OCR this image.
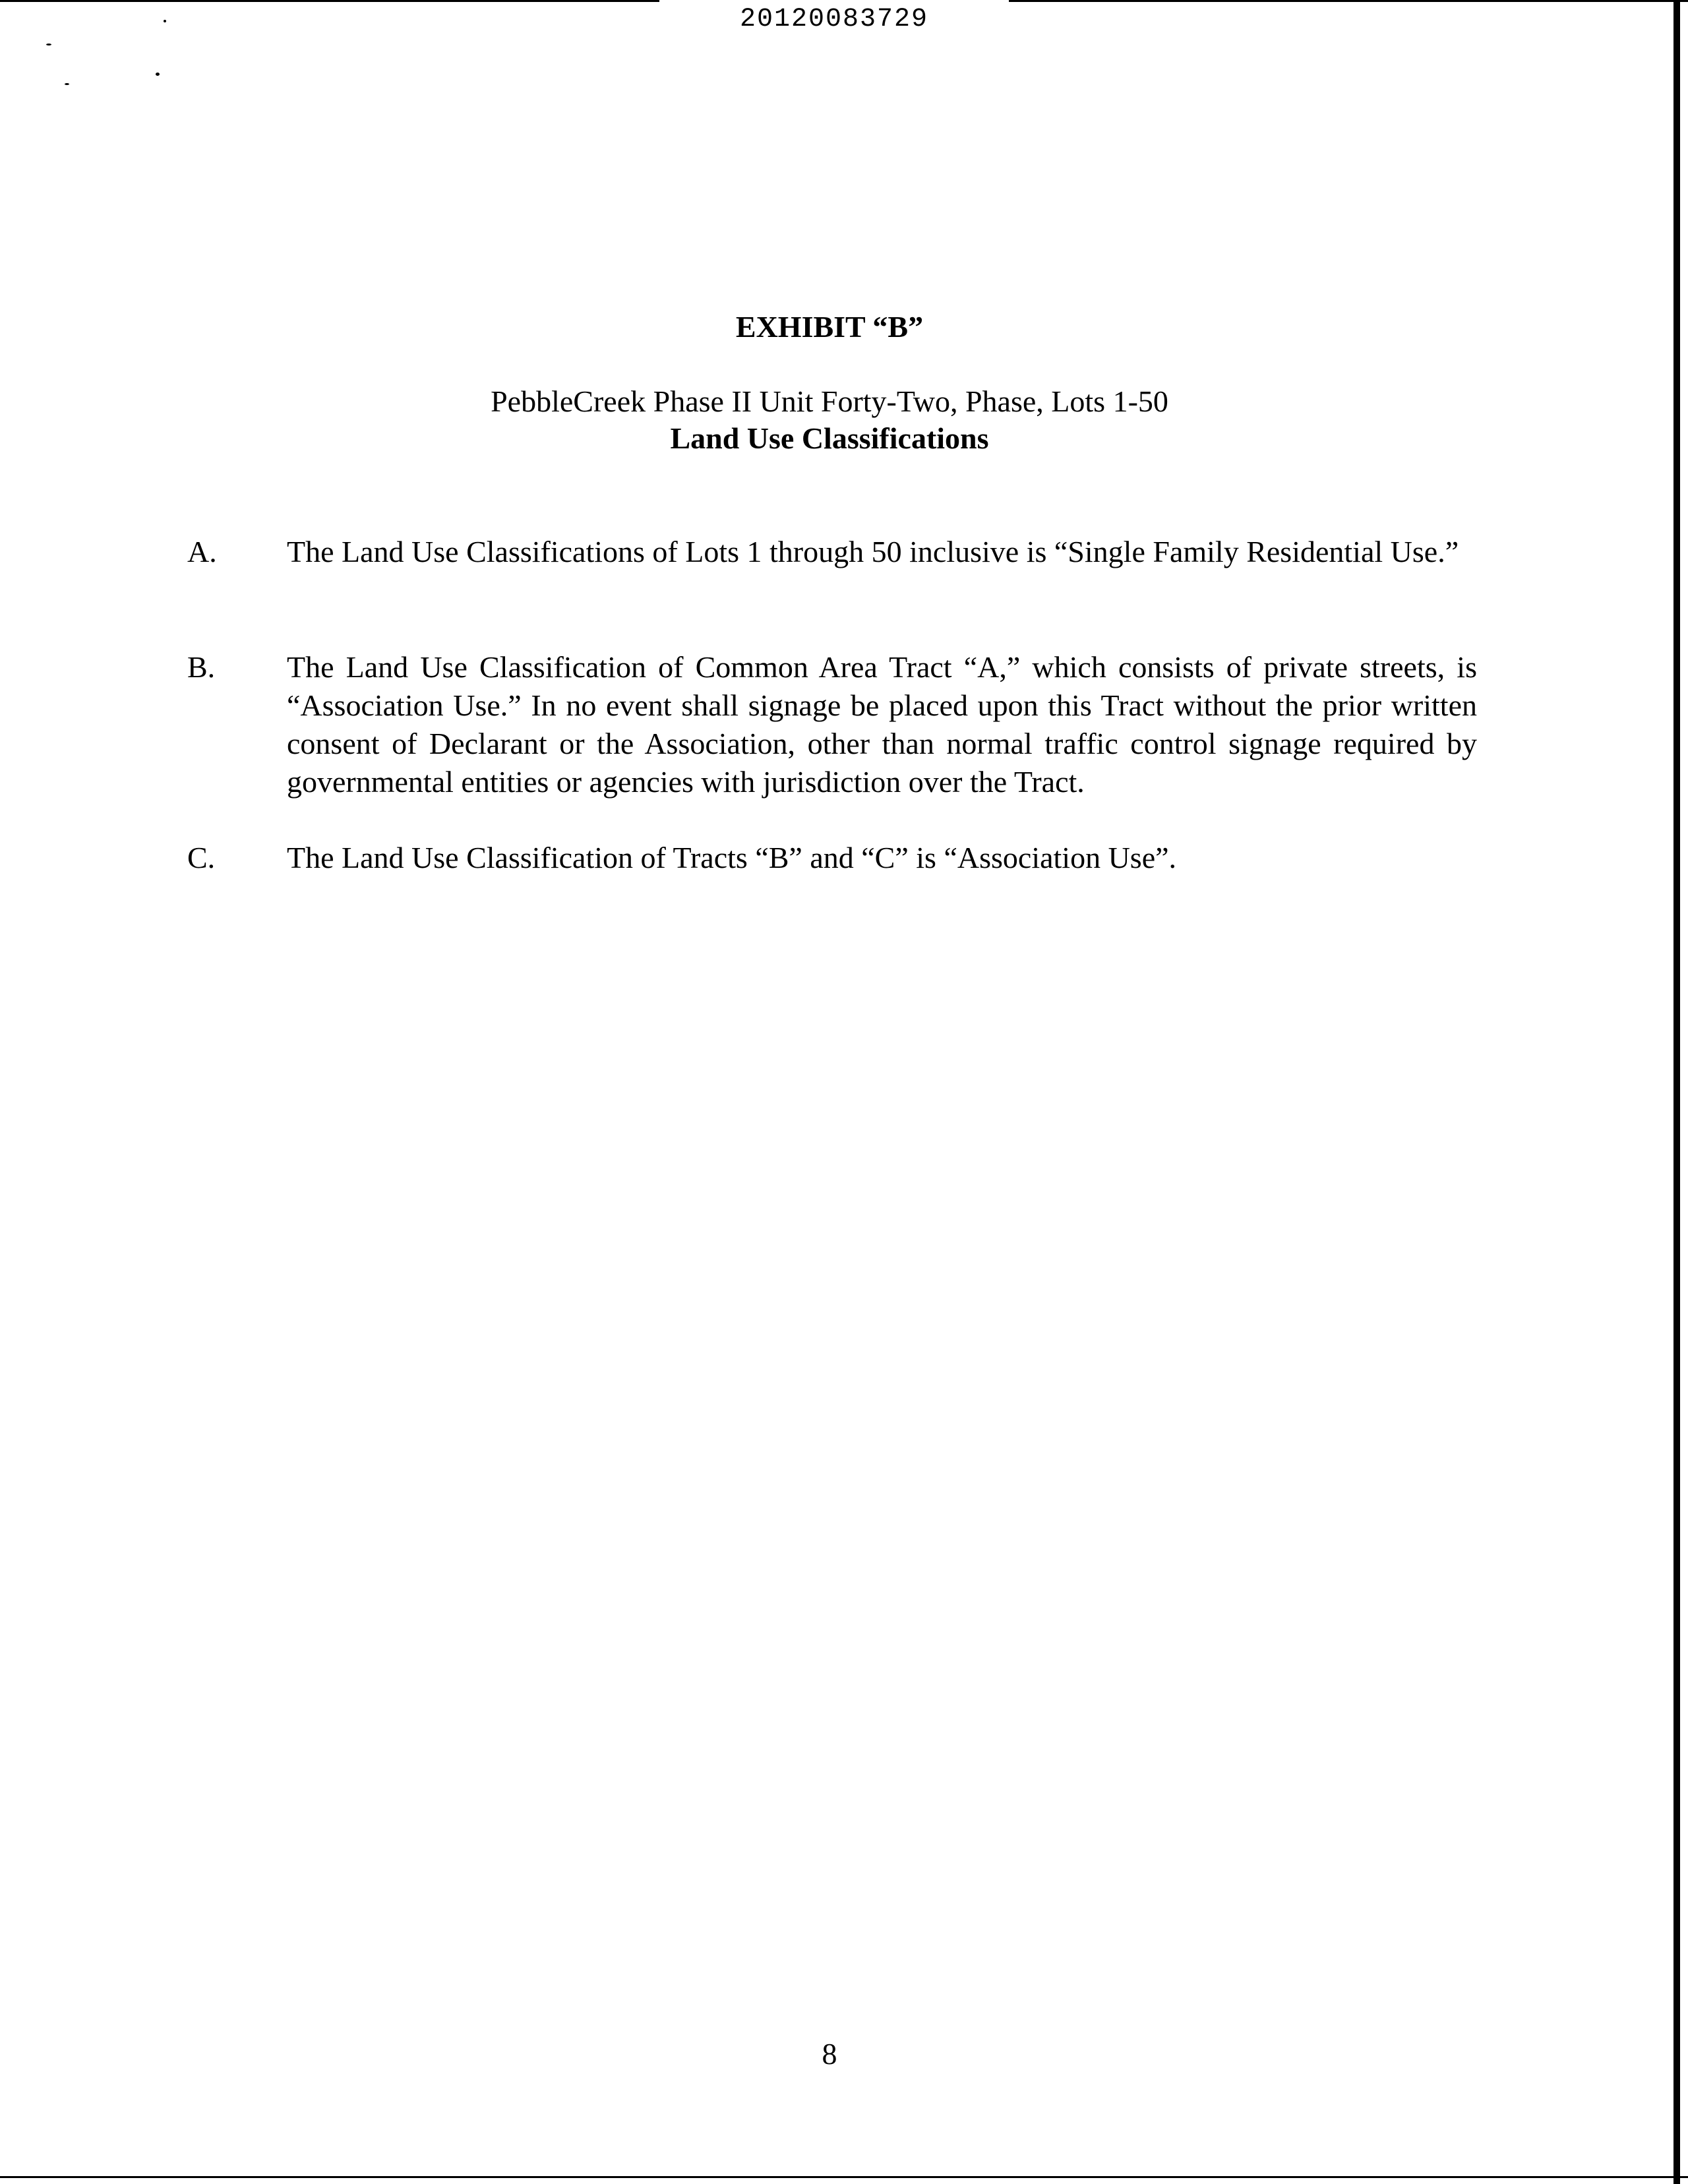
20120083729
EXHIBIT “B”
PebbleCreek Phase II Unit Forty-Two, Phase, Lots 1-50
Land Use Classifications
A. The Land Use Classifications of Lots 1 through 50 inclusive is “Single Family Residential Use.”
B. The Land Use Classification of Common Area Tract “A,” which consists of private streets, is “Association Use.” In no event shall signage be placed upon this Tract without the prior written consent of Declarant or the Association, other than normal traffic control signage required by governmental entities or agencies with jurisdiction over the Tract.
C. The Land Use Classification of Tracts “B” and “C” is “Association Use”.
8
